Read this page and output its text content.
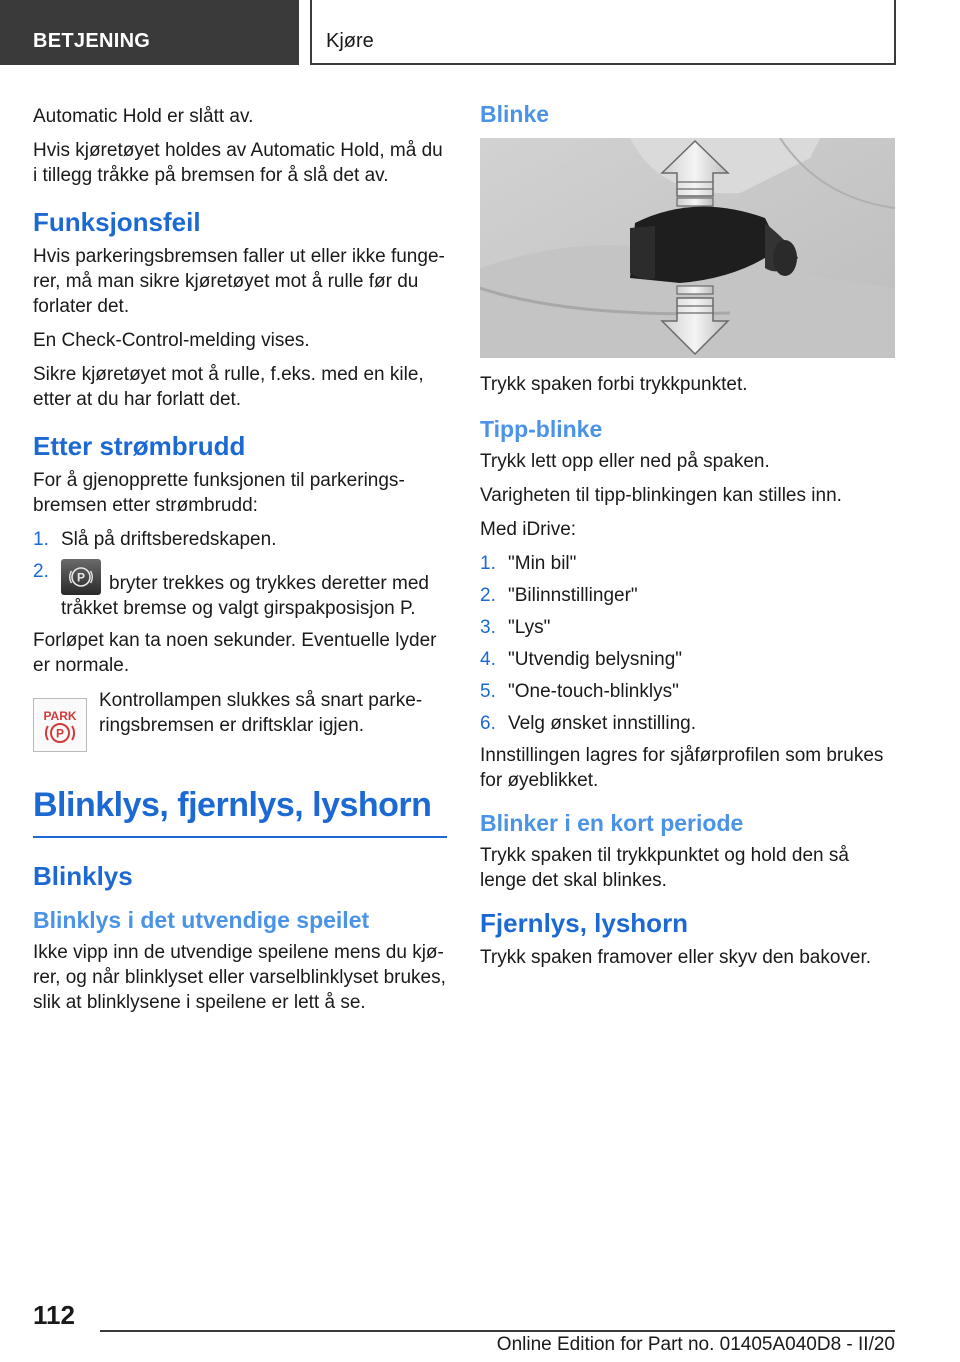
BETJENING	Kjøre

Automatic Hold er slått av.

Hvis kjøretøyet holdes av Automatic Hold, må du i tillegg tråkke på bremsen for å slå det av.

Funksjonsfeil

Hvis parkeringsbremsen faller ut eller ikke fungerer, må man sikre kjøretøyet mot å rulle før du forlater det.

En Check-Control-melding vises.

Sikre kjøretøyet mot å rulle, f.eks. med en kile, etter at du har forlatt det.

Etter strømbrudd

For å gjenopprette funksjonen til parkeringsbremsen etter strømbrudd:

1. Slå på driftsberedskapen.
2. P bryter trekkes og trykkes deretter med tråkket bremse og valgt girspakposisjon P.

Forløpet kan ta noen sekunder. Eventuelle lyder er normale.

PARK
P

Kontrollampen slukkes så snart parkeringsbremsen er driftsklar igjen.

Blinklys, fjernlys, lyshorn
Blinklys
Blinklys i det utvendige speilet

Ikke vipp inn de utvendige speilene mens du kjører, og når blinklyset eller varselblinklyset brukes, slik at blinklysene i speilene er lett å se.

Blinke

Trykk spaken forbi trykkpunktet.

Tipp-blinke

Trykk lett opp eller ned på spaken.

Varigheten til tipp-blinkingen kan stilles inn.

Med iDrive:

1. "Min bil"
2. "Bilinnstillinger"
3. "Lys"
4. "Utvendig belysning"
5. "One-touch-blinklys"
6. Velg ønsket innstilling.

Innstillingen lagres for sjåførprofilen som brukes for øyeblikket.

Blinker i en kort periode

Trykk spaken til trykkpunktet og hold den så lenge det skal blinkes.

Fjernlys, lyshorn

Trykk spaken framover eller skyv den bakover.

112
Online Edition for Part no. 01405A040D8 - II/20
